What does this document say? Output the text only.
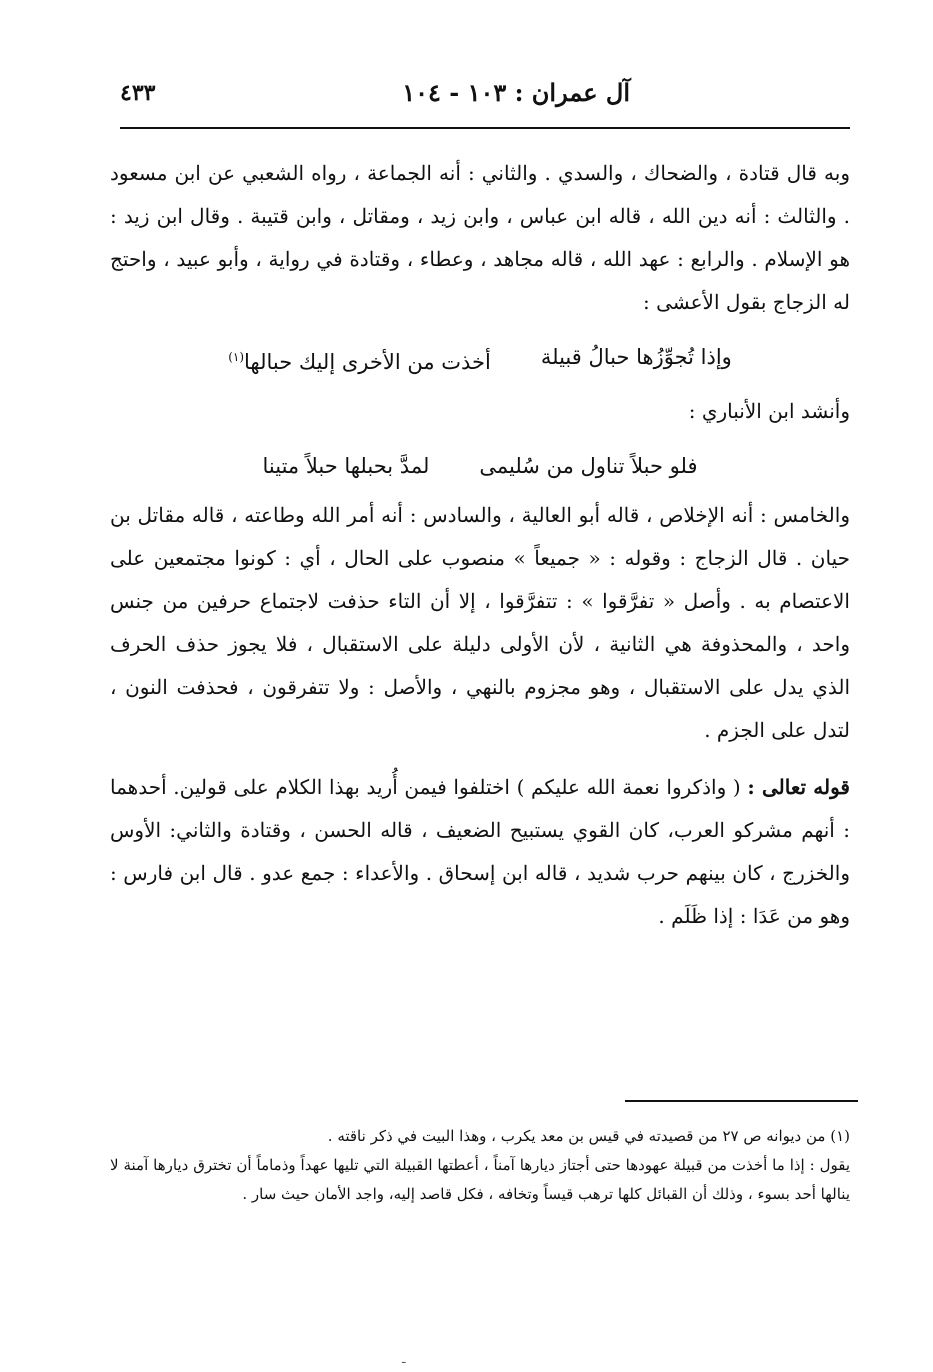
آل عمران : ١٠٣ - ١٠٤
٤٣٣

وبه قال قتادة ، والضحاك ، والسدي . والثاني : أنه الجماعة ، رواه الشعبي عن ابن مسعود . والثالث : أنه دين الله ، قاله ابن عباس ، وابن زيد ، ومقاتل ، وابن قتيبة . وقال ابن زيد : هو الإسلام . والرابع : عهد الله ، قاله مجاهد ، وعطاء ، وقتادة في رواية ، وأبو عبيد ، واحتج له الزجاج بقول الأعشى :

وإذا تُجوِّزُها حبالُ قبيلة
أخذت من الأخرى إليك حبالها$^{(١)}$

وأنشد ابن الأنباري :

فلو حبلاً تناول من سُليمى
لمدَّ بحبلها حبلاً متينا

والخامس : أنه الإخلاص ، قاله أبو العالية ، والسادس : أنه أمر الله وطاعته ، قاله مقاتل بن حيان . قال الزجاج : وقوله : « جميعاً » منصوب على الحال ، أي : كونوا مجتمعين على الاعتصام به . وأصل « تفرَّقوا » : تتفرَّقوا ، إلا أن التاء حذفت لاجتماع حرفين من جنس واحد ، والمحذوفة هي الثانية ، لأن الأولى دليلة على الاستقبال ، فلا يجوز حذف الحرف الذي يدل على الاستقبال ، وهو مجزوم بالنهي ، والأصل : ولا تتفرقون ، فحذفت النون ، لتدل على الجزم .

قوله تعالى : ( واذكروا نعمة الله عليكم ) اختلفوا فيمن أُريد بهذا الكلام على قولين. أحدهما : أنهم مشركو العرب، كان القوي يستبيح الضعيف ، قاله الحسن ، وقتادة والثاني: الأوس والخزرج ، كان بينهم حرب شديد ، قاله ابن إسحاق . والأعداء : جمع عدو . قال ابن فارس : وهو من عَدَا : إذا ظَلَم .

(١) من ديوانه ص ٢٧ من قصيدته في قيس بن معد يكرب ، وهذا البيت في ذكر ناقته .

يقول : إذا ما أخذت من قبيلة عهودها حتى أجتاز ديارها آمناً ، أعطتها القبيلة التي تليها عهداً وذماماً أن تخترق ديارها آمنة لا ينالها أحد بسوء ، وذلك أن القبائل كلها ترهب قيساً وتخافه ، فكل قاصد إليه، واجد الأمان حيث سار .

ـ
